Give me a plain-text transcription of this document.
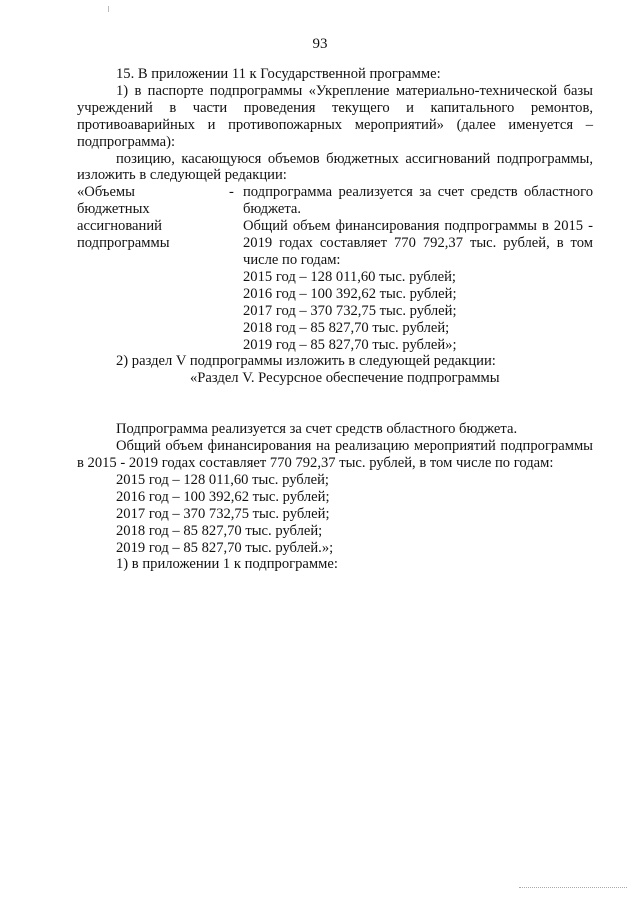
93

15. В приложении 11 к Государственной программе:

1) в паспорте подпрограммы «Укрепление материально-технической базы учреждений в части проведения текущего и капитального ремонтов, противоаварийных и противопожарных мероприятий» (далее именуется – подпрограмма):

позицию, касающуюся объемов бюджетных ассигнований подпрограммы, изложить в следующей редакции:

«Объемы
бюджетных
ассигнований
подпрограммы
- подпрограмма реализуется за счет средств областного бюджета.

Общий объем финансирования подпрограммы в 2015 - 2019 годах составляет 770 792,37 тыс. рублей, в том числе по годам:

2015 год – 128 011,60 тыс. рублей;

2016 год – 100 392,62 тыс. рублей;

2017 год – 370 732,75 тыс. рублей;

2018 год – 85 827,70 тыс. рублей;

2019 год – 85 827,70 тыс. рублей»;

2) раздел V подпрограммы изложить в следующей редакции:

«Раздел V. Ресурсное обеспечение подпрограммы

Подпрограмма реализуется за счет средств областного бюджета.

Общий объем финансирования на реализацию мероприятий подпрограммы в 2015 - 2019 годах составляет 770 792,37 тыс. рублей, в том числе по годам:

2015 год – 128 011,60 тыс. рублей;

2016 год – 100 392,62 тыс. рублей;

2017 год – 370 732,75 тыс. рублей;

2018 год – 85 827,70 тыс. рублей;

2019 год – 85 827,70 тыс. рублей.»;

1) в приложении 1 к подпрограмме:
